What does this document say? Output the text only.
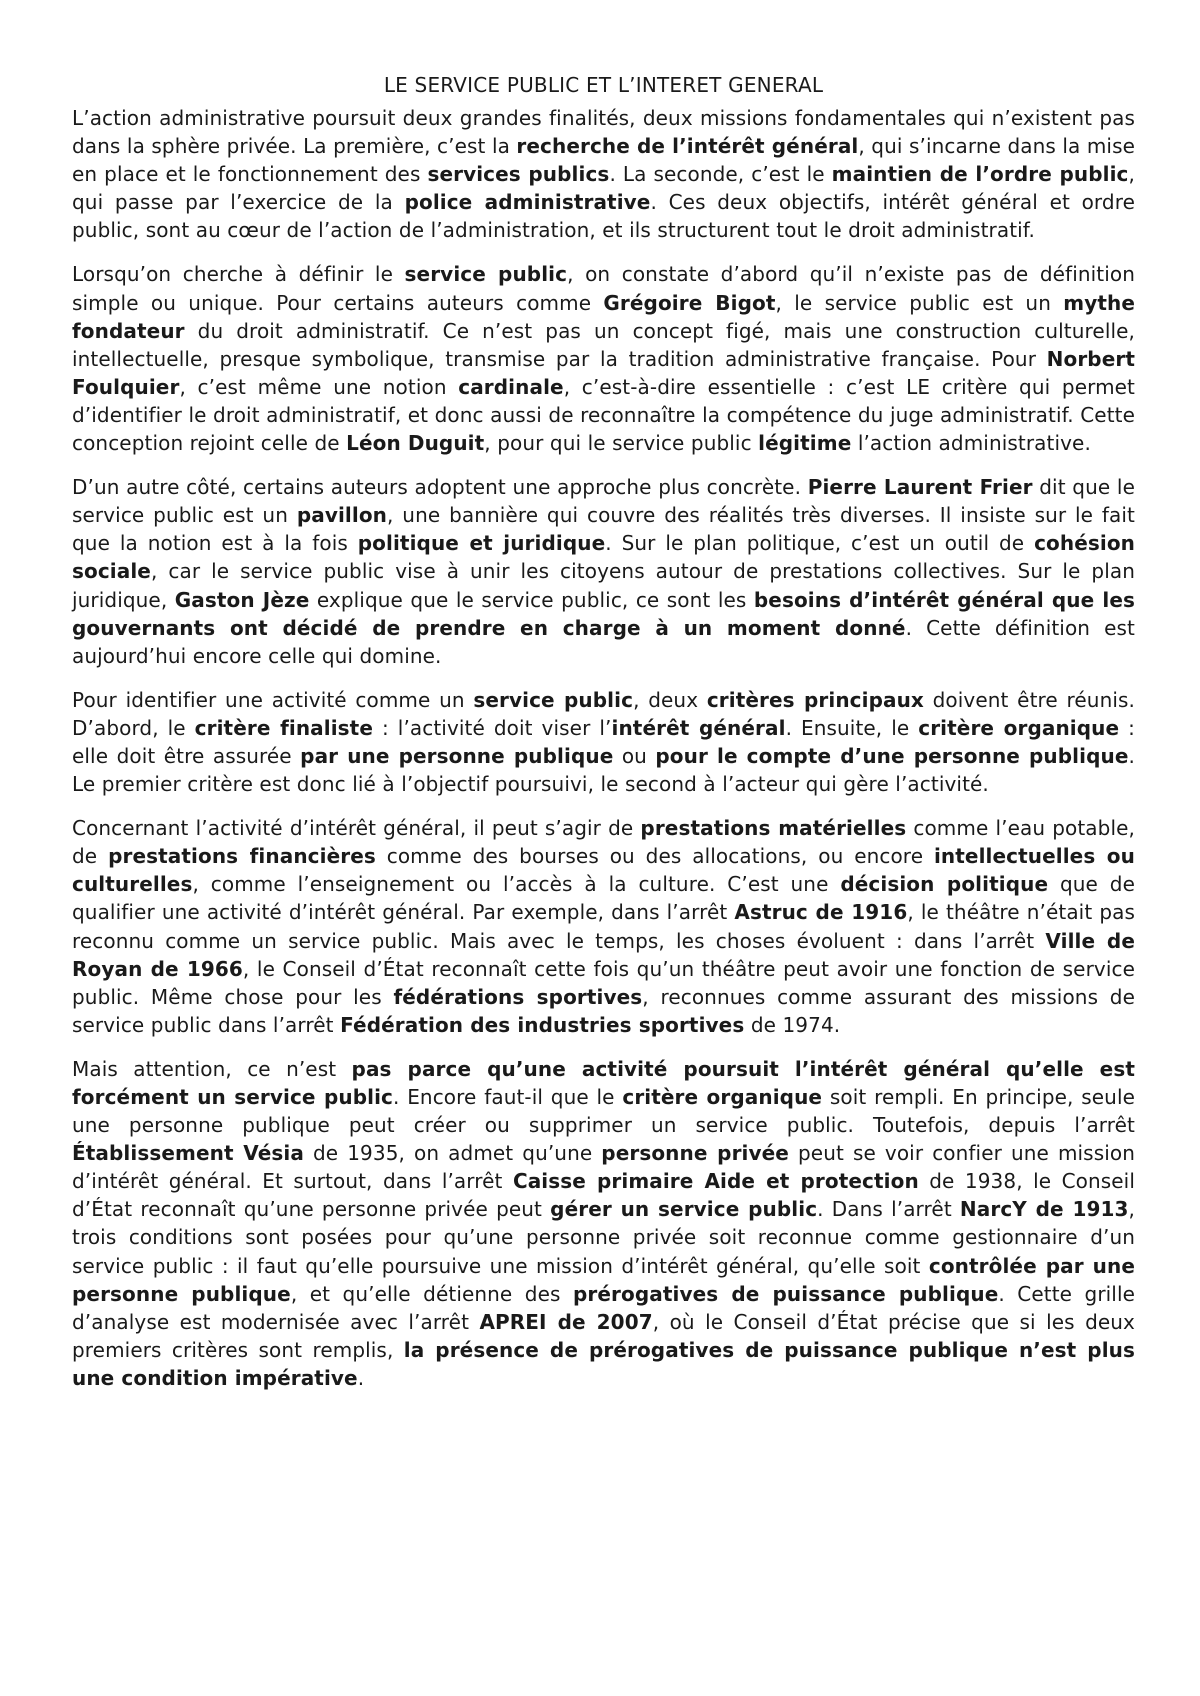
LE SERVICE PUBLIC ET L’INTERET GENERAL

L’action administrative poursuit deux grandes finalités, deux missions fondamentales qui n’existent pas dans la sphère privée. La première, c’est la recherche de l’intérêt général, qui s’incarne dans la mise en place et le fonctionnement des services publics. La seconde, c’est le maintien de l’ordre public, qui passe par l’exercice de la police administrative. Ces deux objectifs, intérêt général et ordre public, sont au cœur de l’action de l’administration, et ils structurent tout le droit administratif.

Lorsqu’on cherche à définir le service public, on constate d’abord qu’il n’existe pas de définition simple ou unique. Pour certains auteurs comme Grégoire Bigot, le service public est un mythe fondateur du droit administratif. Ce n’est pas un concept figé, mais une construction culturelle, intellectuelle, presque symbolique, transmise par la tradition administrative française. Pour Norbert Foulquier, c’est même une notion cardinale, c’est-à-dire essentielle : c’est LE critère qui permet d’identifier le droit administratif, et donc aussi de reconnaître la compétence du juge administratif. Cette conception rejoint celle de Léon Duguit, pour qui le service public légitime l’action administrative.

D’un autre côté, certains auteurs adoptent une approche plus concrète. Pierre Laurent Frier dit que le service public est un pavillon, une bannière qui couvre des réalités très diverses. Il insiste sur le fait que la notion est à la fois politique et juridique. Sur le plan politique, c’est un outil de cohésion sociale, car le service public vise à unir les citoyens autour de prestations collectives. Sur le plan juridique, Gaston Jèze explique que le service public, ce sont les besoins d’intérêt général que les gouvernants ont décidé de prendre en charge à un moment donné. Cette définition est aujourd’hui encore celle qui domine.

Pour identifier une activité comme un service public, deux critères principaux doivent être réunis. D’abord, le critère finaliste : l’activité doit viser l’intérêt général. Ensuite, le critère organique : elle doit être assurée par une personne publique ou pour le compte d’une personne publique. Le premier critère est donc lié à l’objectif poursuivi, le second à l’acteur qui gère l’activité.

Concernant l’activité d’intérêt général, il peut s’agir de prestations matérielles comme l’eau potable, de prestations financières comme des bourses ou des allocations, ou encore intellectuelles ou culturelles, comme l’enseignement ou l’accès à la culture. C’est une décision politique que de qualifier une activité d’intérêt général. Par exemple, dans l’arrêt Astruc de 1916, le théâtre n’était pas reconnu comme un service public. Mais avec le temps, les choses évoluent : dans l’arrêt Ville de Royan de 1966, le Conseil d’État reconnaît cette fois qu’un théâtre peut avoir une fonction de service public. Même chose pour les fédérations sportives, reconnues comme assurant des missions de service public dans l’arrêt Fédération des industries sportives de 1974.

Mais attention, ce n’est pas parce qu’une activité poursuit l’intérêt général qu’elle est forcément un service public. Encore faut-il que le critère organique soit rempli. En principe, seule une personne publique peut créer ou supprimer un service public. Toutefois, depuis l’arrêt Établissement Vésia de 1935, on admet qu’une personne privée peut se voir confier une mission d’intérêt général. Et surtout, dans l’arrêt Caisse primaire Aide et protection de 1938, le Conseil d’État reconnaît qu’une personne privée peut gérer un service public. Dans l’arrêt NarcY de 1913, trois conditions sont posées pour qu’une personne privée soit reconnue comme gestionnaire d’un service public : il faut qu’elle poursuive une mission d’intérêt général, qu’elle soit contrôlée par une personne publique, et qu’elle détienne des prérogatives de puissance publique. Cette grille d’analyse est modernisée avec l’arrêt APREI de 2007, où le Conseil d’État précise que si les deux premiers critères sont remplis, la présence de prérogatives de puissance publique n’est plus une condition impérative.
